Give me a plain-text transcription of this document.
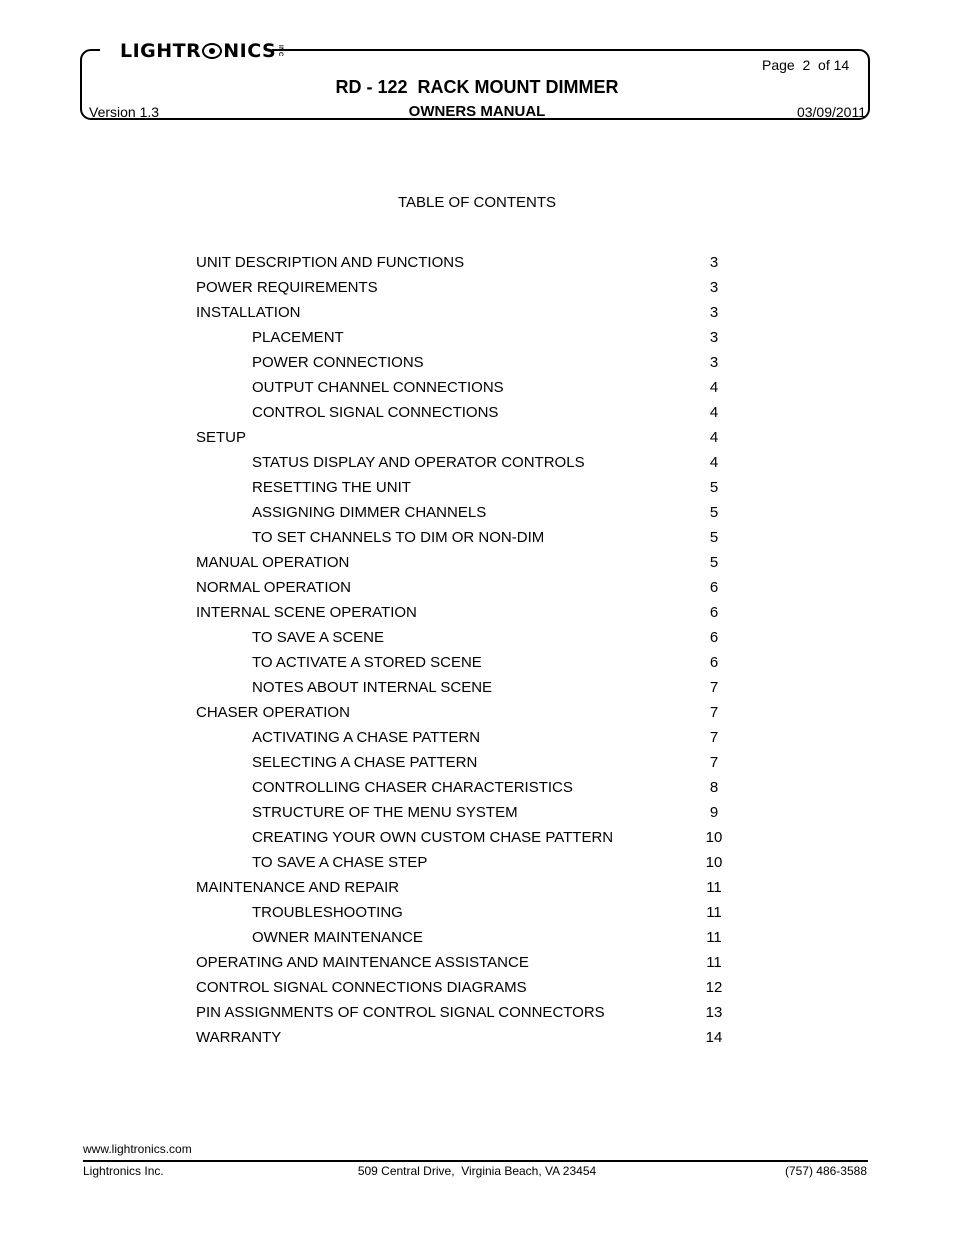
LIGHTR NICS INC
Page  2  of 14
RD - 122  RACK MOUNT DIMMER
Version 1.3	OWNERS MANUAL	03/09/2011
TABLE OF CONTENTS
UNIT DESCRIPTION AND FUNCTIONS	3
POWER REQUIREMENTS	3
INSTALLATION	3
PLACEMENT	3
POWER CONNECTIONS	3
OUTPUT CHANNEL CONNECTIONS	4
CONTROL SIGNAL CONNECTIONS	4
SETUP	4
STATUS DISPLAY AND OPERATOR CONTROLS	4
RESETTING THE UNIT	5
ASSIGNING DIMMER CHANNELS	5
TO SET CHANNELS TO DIM OR NON-DIM	5
MANUAL OPERATION	5
NORMAL OPERATION	6
INTERNAL SCENE OPERATION	6
TO SAVE A SCENE	6
TO ACTIVATE A STORED SCENE	6
NOTES ABOUT INTERNAL SCENE	7
CHASER OPERATION	7
ACTIVATING A CHASE PATTERN	7
SELECTING A CHASE PATTERN	7
CONTROLLING CHASER CHARACTERISTICS	8
STRUCTURE OF THE MENU SYSTEM	9
CREATING YOUR OWN CUSTOM CHASE PATTERN	10
TO SAVE A CHASE STEP	10
MAINTENANCE AND REPAIR	11
TROUBLESHOOTING	11
OWNER MAINTENANCE	11
OPERATING AND MAINTENANCE ASSISTANCE	11
CONTROL SIGNAL CONNECTIONS DIAGRAMS	12
PIN ASSIGNMENTS OF CONTROL SIGNAL CONNECTORS	13
WARRANTY	14
www.lightronics.com
Lightronics Inc.	509 Central Drive,  Virginia Beach, VA 23454	(757) 486-3588
